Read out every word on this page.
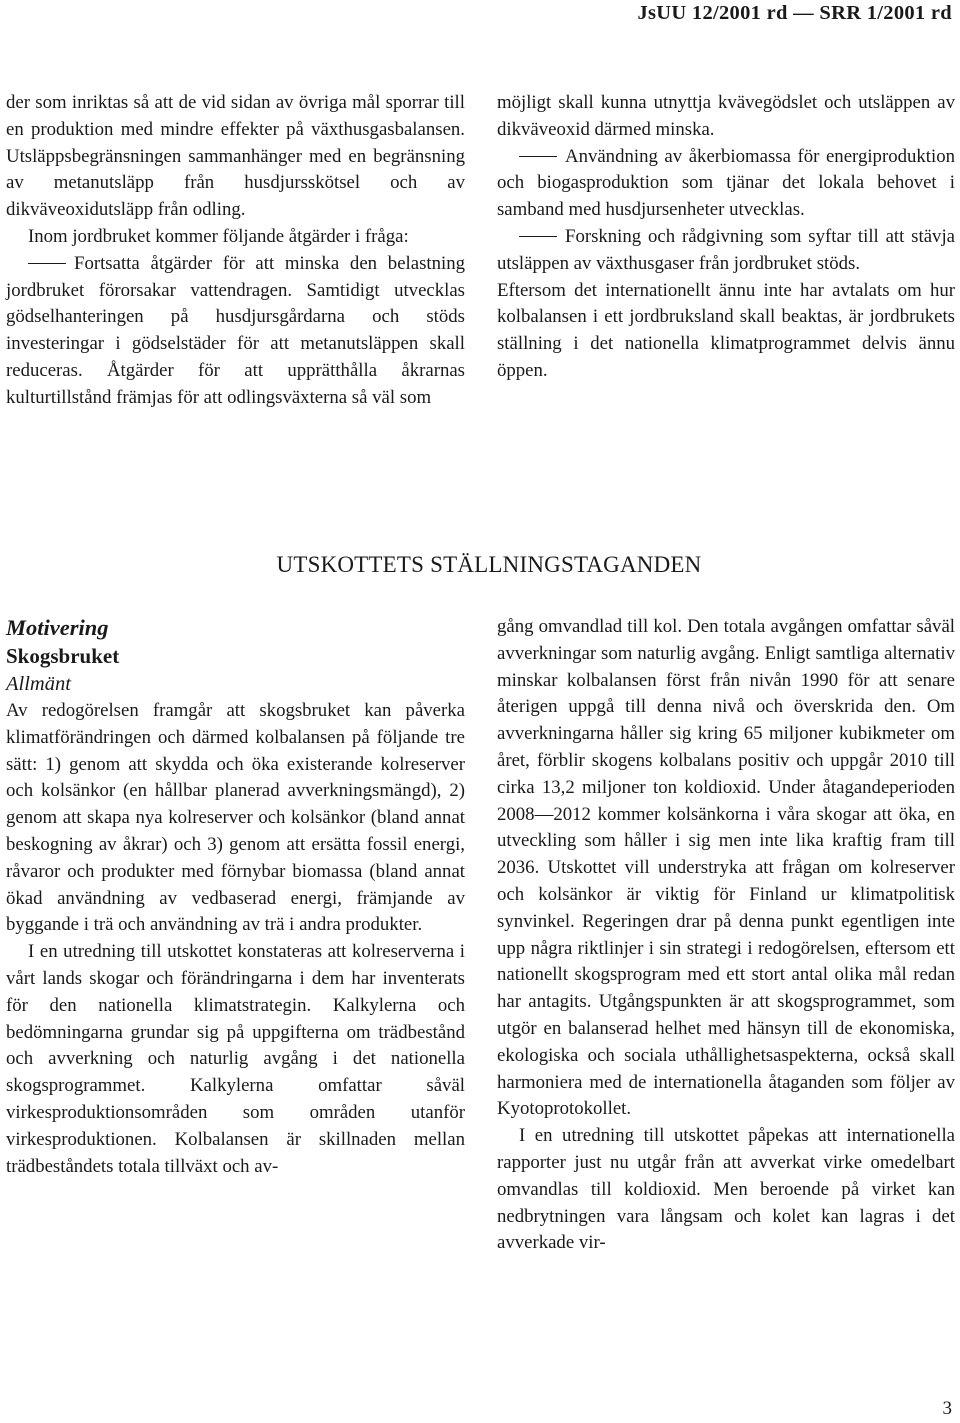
JsUU 12/2001 rd — SRR 1/2001 rd

der som inriktas så att de vid sidan av övriga mål sporrar till en produktion med mindre effekter på växthusgasbalansen. Utsläppsbegränsningen sammanhänger med en begränsning av metanutsläpp från husdjursskötsel och av dikväveoxidutsläpp från odling.

Inom jordbruket kommer följande åtgärder i fråga:

Fortsatta åtgärder för att minska den belastning jordbruket förorsakar vattendragen. Samtidigt utvecklas gödselhanteringen på husdjursgårdarna och stöds investeringar i gödselstäder för att metanutsläppen skall reduceras. Åtgärder för att upprätthålla åkrarnas kulturtillstånd främjas för att odlingsväxterna så väl som

möjligt skall kunna utnyttja kvävegödslet och utsläppen av dikväveoxid därmed minska.

Användning av åkerbiomassa för energiproduktion och biogasproduktion som tjänar det lokala behovet i samband med husdjursenheter utvecklas.

Forskning och rådgivning som syftar till att stävja utsläppen av växthusgaser från jordbruket stöds.

Eftersom det internationellt ännu inte har avtalats om hur kolbalansen i ett jordbruksland skall beaktas, är jordbrukets ställning i det nationella klimatprogrammet delvis ännu öppen.

UTSKOTTETS STÄLLNINGSTAGANDEN

Motivering

Skogsbruket

Allmänt

Av redogörelsen framgår att skogsbruket kan påverka klimatförändringen och därmed kolbalansen på följande tre sätt: 1) genom att skydda och öka existerande kolreserver och kolsänkor (en hållbar planerad avverkningsmängd), 2) genom att skapa nya kolreserver och kolsänkor (bland annat beskogning av åkrar) och 3) genom att ersätta fossil energi, råvaror och produkter med förnybar biomassa (bland annat ökad användning av vedbaserad energi, främjande av byggande i trä och användning av trä i andra produkter.

I en utredning till utskottet konstateras att kolreserverna i vårt lands skogar och förändringarna i dem har inventerats för den nationella klimatstrategin. Kalkylerna och bedömningarna grundar sig på uppgifterna om trädbestånd och avverkning och naturlig avgång i det nationella skogsprogrammet. Kalkylerna omfattar såväl virkesproduktionsområden som områden utanför virkesproduktionen. Kolbalansen är skillnaden mellan trädbeståndets totala tillväxt och av-

gång omvandlad till kol. Den totala avgången omfattar såväl avverkningar som naturlig avgång. Enligt samtliga alternativ minskar kolbalansen först från nivån 1990 för att senare återigen uppgå till denna nivå och överskrida den. Om avverkningarna håller sig kring 65 miljoner kubikmeter om året, förblir skogens kolbalans positiv och uppgår 2010 till cirka 13,2 miljoner ton koldioxid. Under åtagandeperioden 2008—2012 kommer kolsänkorna i våra skogar att öka, en utveckling som håller i sig men inte lika kraftig fram till 2036. Utskottet vill understryka att frågan om kolreserver och kolsänkor är viktig för Finland ur klimatpolitisk synvinkel. Regeringen drar på denna punkt egentligen inte upp några riktlinjer i sin strategi i redogörelsen, eftersom ett nationellt skogsprogram med ett stort antal olika mål redan har antagits. Utgångspunkten är att skogsprogrammet, som utgör en balanserad helhet med hänsyn till de ekonomiska, ekologiska och sociala uthållighetsaspekterna, också skall harmoniera med de internationella åtaganden som följer av Kyotoprotokollet.

I en utredning till utskottet påpekas att internationella rapporter just nu utgår från att avverkat virke omedelbart omvandlas till koldioxid. Men beroende på virket kan nedbrytningen vara långsam och kolet kan lagras i det avverkade vir-

3
